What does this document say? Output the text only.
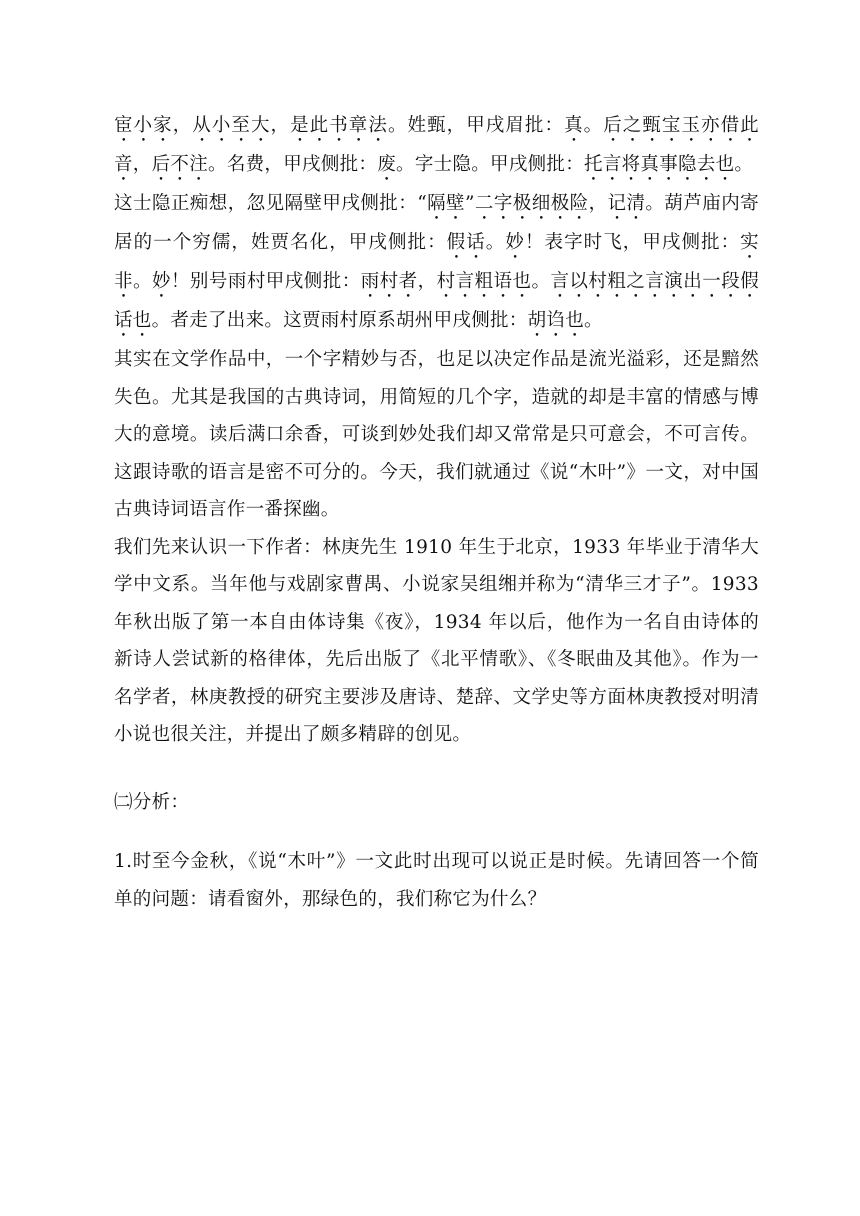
宦小家，从小至大，是此书章法。姓甄，甲戌眉批：真。后之甄宝玉亦借此音，后不注。名费，甲戌侧批：废。字士隐。甲戌侧批：托言将真事隐去也。

这士隐正痴想，忽见隔壁甲戌侧批：“隔壁”二字极细极险，记清。葫芦庙内寄居的一个穷儒，姓贾名化，甲戌侧批：假话。妙！表字时飞，甲戌侧批：实非。妙！别号雨村甲戌侧批：雨村者，村言粗语也。言以村粗之言演出一段假话也。者走了出来。这贾雨村原系胡州甲戌侧批：胡诌也。

其实在文学作品中，一个字精妙与否，也足以决定作品是流光溢彩，还是黯然失色。尤其是我国的古典诗词，用简短的几个字，造就的却是丰富的情感与博大的意境。读后满口余香，可谈到妙处我们却又常常是只可意会，不可言传。这跟诗歌的语言是密不可分的。今天，我们就通过《说“木叶”》一文，对中国古典诗词语言作一番探幽。

我们先来认识一下作者：林庚先生 1910 年生于北京，1933 年毕业于清华大学中文系。当年他与戏剧家曹禺、小说家吴组缃并称为“清华三才子”。1933 年秋出版了第一本自由体诗集《夜》，1934 年以后，他作为一名自由诗体的新诗人尝试新的格律体，先后出版了《北平情歌》、《冬眠曲及其他》。作为一名学者，林庚教授的研究主要涉及唐诗、楚辞、文学史等方面林庚教授对明清小说也很关注，并提出了颇多精辟的创见。

㈡分析：

1.时至今金秋，《说“木叶”》一文此时出现可以说正是时候。先请回答一个简单的问题：请看窗外，那绿色的，我们称它为什么？
